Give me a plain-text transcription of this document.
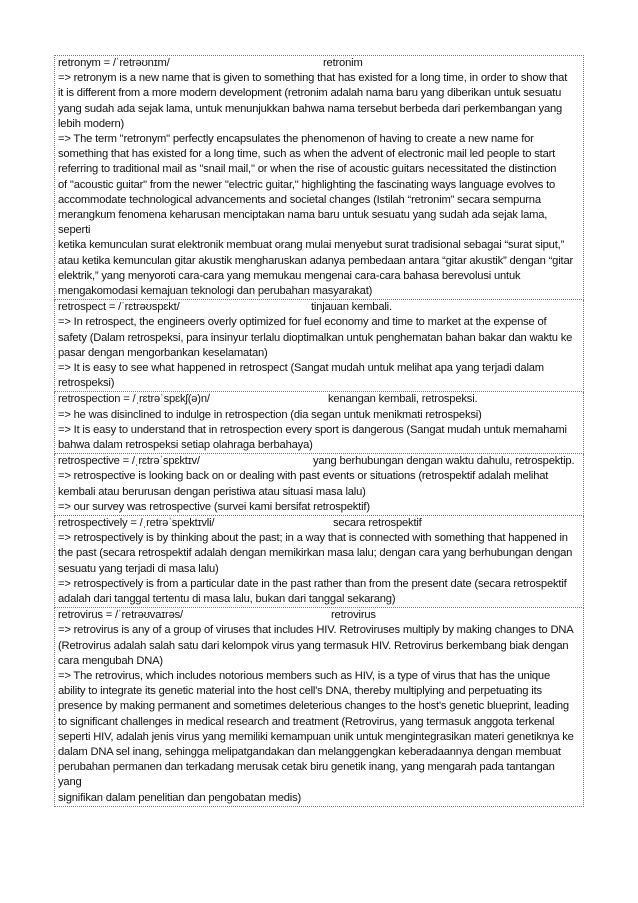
retronym = /ˈretrəʊnɪm/	retronim
=> retronym is a new name that is given to something that has existed for a long time, in order to show that
it is different from a more modern development (retronim adalah nama baru yang diberikan untuk sesuatu
yang sudah ada sejak lama, untuk menunjukkan bahwa nama tersebut berbeda dari perkembangan yang
lebih modern)
=> The term "retronym" perfectly encapsulates the phenomenon of having to create a new name for
something that has existed for a long time, such as when the advent of electronic mail led people to start
referring to traditional mail as "snail mail," or when the rise of acoustic guitars necessitated the distinction
of "acoustic guitar" from the newer "electric guitar," highlighting the fascinating ways language evolves to
accommodate technological advancements and societal changes (Istilah “retronim” secara sempurna
merangkum fenomena keharusan menciptakan nama baru untuk sesuatu yang sudah ada sejak lama, seperti
ketika kemunculan surat elektronik membuat orang mulai menyebut surat tradisional sebagai “surat siput,”
atau ketika kemunculan gitar akustik mengharuskan adanya pembedaan antara “gitar akustik” dengan “gitar
elektrik,” yang menyoroti cara-cara yang memukau mengenai cara-cara bahasa berevolusi untuk
mengakomodasi kemajuan teknologi dan perubahan masyarakat)
retrospect = /ˈrɛtrəʊspɛkt/	tinjauan kembali.
=> In retrospect, the engineers overly optimized for fuel economy and time to market at the expense of
safety (Dalam retrospeksi, para insinyur terlalu dioptimalkan untuk penghematan bahan bakar dan waktu ke
pasar dengan mengorbankan keselamatan)
=> It is easy to see what happened in retrospect (Sangat mudah untuk melihat apa yang terjadi dalam
retrospeksi)
retrospection = /ˌrɛtrəˈspɛkʃ(ə)n/	kenangan kembali, retrospeksi.
=> he was disinclined to indulge in retrospection (dia segan untuk menikmati retrospeksi)
=> It is easy to understand that in retrospection every sport is dangerous (Sangat mudah untuk memahami
bahwa dalam retrospeksi setiap olahraga berbahaya)
retrospective = /ˌrɛtrəˈspɛktɪv/	yang berhubungan dengan waktu dahulu, retrospektip.
=> retrospective is looking back on or dealing with past events or situations (retrospektif adalah melihat
kembali atau berurusan dengan peristiwa atau situasi masa lalu)
=> our survey was retrospective (survei kami bersifat retrospektif)
retrospectively = /ˌretrəˈspektɪvli/	secara retrospektif
=> retrospectively is by thinking about the past; in a way that is connected with something that happened in
the past (secara retrospektif adalah dengan memikirkan masa lalu; dengan cara yang berhubungan dengan
sesuatu yang terjadi di masa lalu)
=> retrospectively is from a particular date in the past rather than from the present date (secara retrospektif
adalah dari tanggal tertentu di masa lalu, bukan dari tanggal sekarang)
retrovirus = /ˈretrəʊvaɪrəs/	retrovirus
=> retrovirus is any of a group of viruses that includes HIV. Retroviruses multiply by making changes to DNA
(Retrovirus adalah salah satu dari kelompok virus yang termasuk HIV. Retrovirus berkembang biak dengan
cara mengubah DNA)
=> The retrovirus, which includes notorious members such as HIV, is a type of virus that has the unique
ability to integrate its genetic material into the host cell's DNA, thereby multiplying and perpetuating its
presence by making permanent and sometimes deleterious changes to the host's genetic blueprint, leading
to significant challenges in medical research and treatment (Retrovirus, yang termasuk anggota terkenal
seperti HIV, adalah jenis virus yang memiliki kemampuan unik untuk mengintegrasikan materi genetiknya ke
dalam DNA sel inang, sehingga melipatgandakan dan melanggengkan keberadaannya dengan membuat
perubahan permanen dan terkadang merusak cetak biru genetik inang, yang mengarah pada tantangan yang
signifikan dalam penelitian dan pengobatan medis)
